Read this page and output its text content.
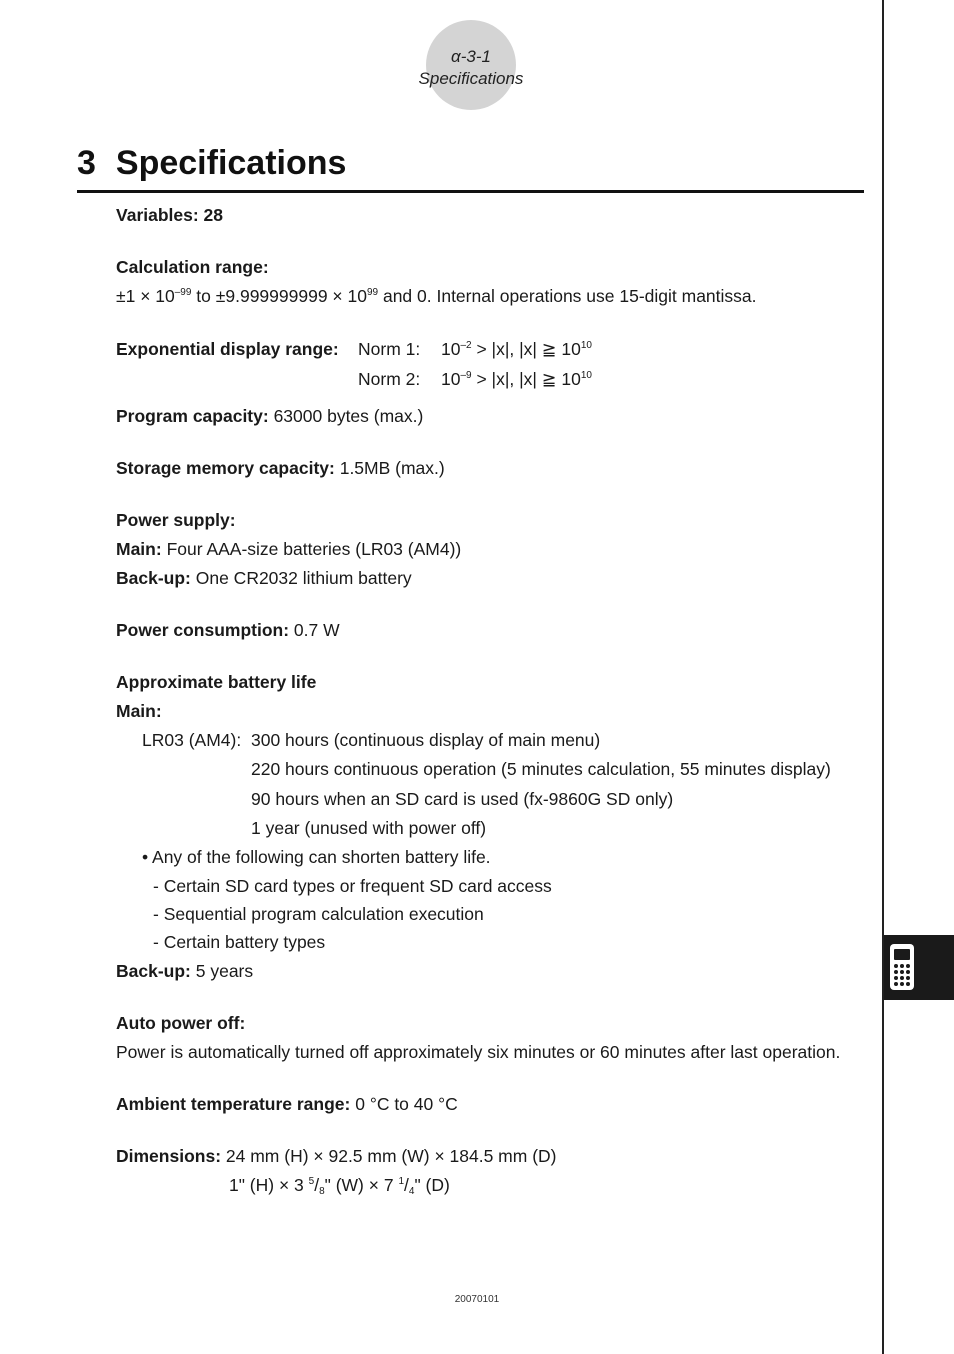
α-3-1
Specifications
3 Specifications
Variables: 28
Calculation range:
$\pm 1 \times 10^{-99}$ to $\pm 9.999999999 \times 10^{99}$ and 0. Internal operations use 15-digit mantissa.
Exponential display range: Norm 1: $10^{-2} > |x|$, |x| ≧ $10^{10}$
Norm 2: $10^{-9} > |x|$, |x| ≧ $10^{10}$
Program capacity: 63000 bytes (max.)
Storage memory capacity: 1.5MB (max.)
Power supply:
Main: Four AAA-size batteries (LR03 (AM4))
Back-up: One CR2032 lithium battery
Power consumption: 0.7 W
Approximate battery life
Main:
LR03 (AM4): 300 hours (continuous display of main menu)
220 hours continuous operation (5 minutes calculation, 55 minutes display)
90 hours when an SD card is used (fx-9860G SD only)
1 year (unused with power off)
• Any of the following can shorten battery life.
- Certain SD card types or frequent SD card access
- Sequential program calculation execution
- Certain battery types
Back-up: 5 years
Auto power off:
Power is automatically turned off approximately six minutes or 60 minutes after last operation.
Ambient temperature range: 0 °C to 40 °C
Dimensions: 24 mm (H) × 92.5 mm (W) × 184.5 mm (D)
1" (H) × 3 $^5/_8$" (W) × 7 $^1/_4$" (D)
20070101
